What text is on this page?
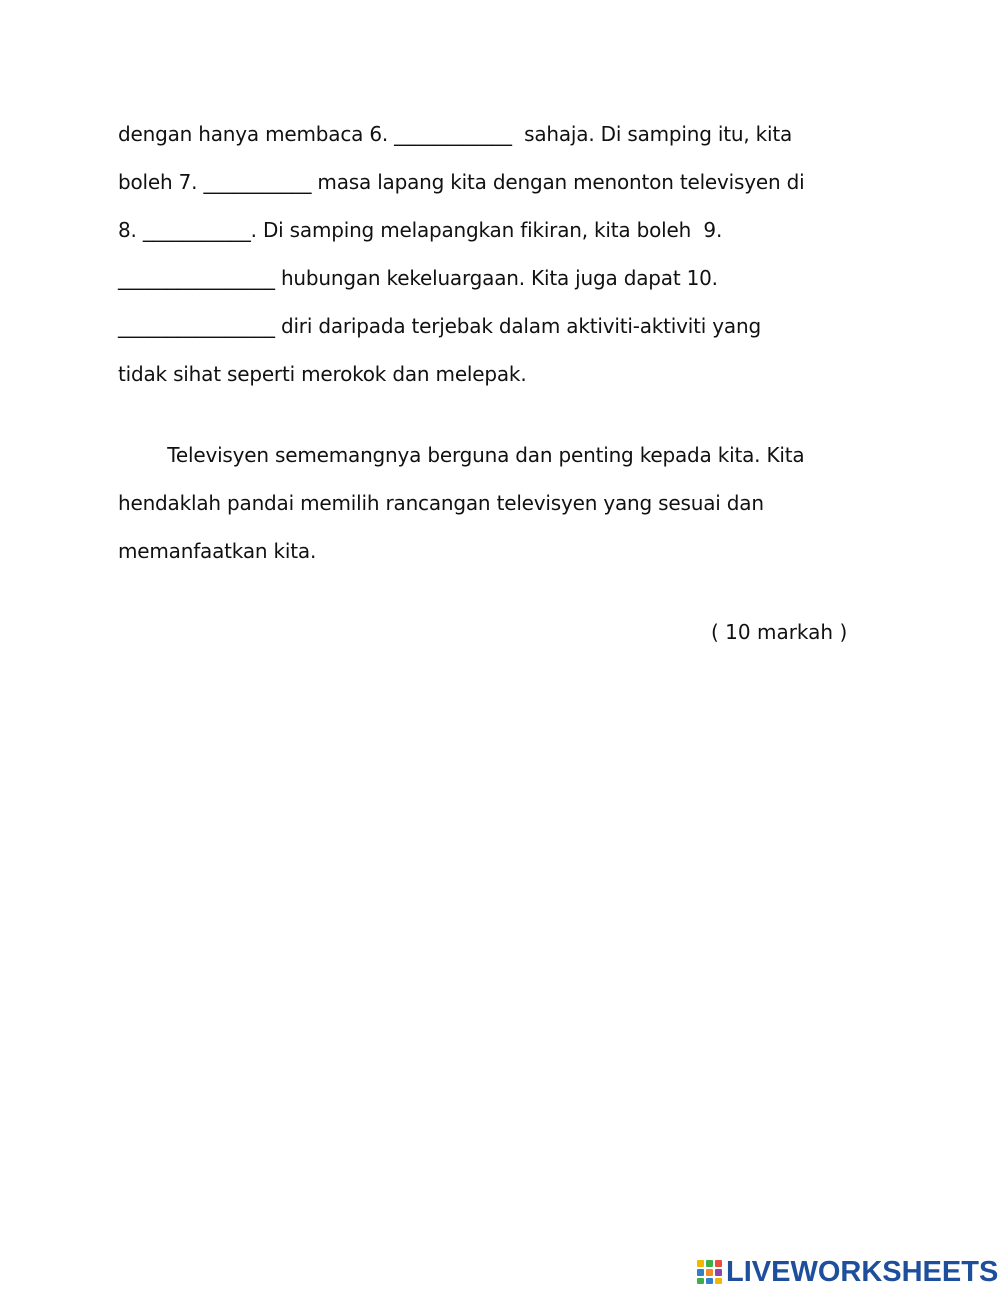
dengan hanya membaca 6. ____________  sahaja. Di samping itu, kita
boleh 7. ___________ masa lapang kita dengan menonton televisyen di
8. ___________. Di samping melapangkan fikiran, kita boleh  9.
________________ hubungan kekeluargaan. Kita juga dapat 10.
________________ diri daripada terjebak dalam aktiviti-aktiviti yang
tidak sihat seperti merokok dan melepak.
Televisyen sememangnya berguna dan penting kepada kita. Kita
hendaklah pandai memilih rancangan televisyen yang sesuai dan
memanfaatkan kita.
( 10 markah )
LIVEWORKSHEETS
